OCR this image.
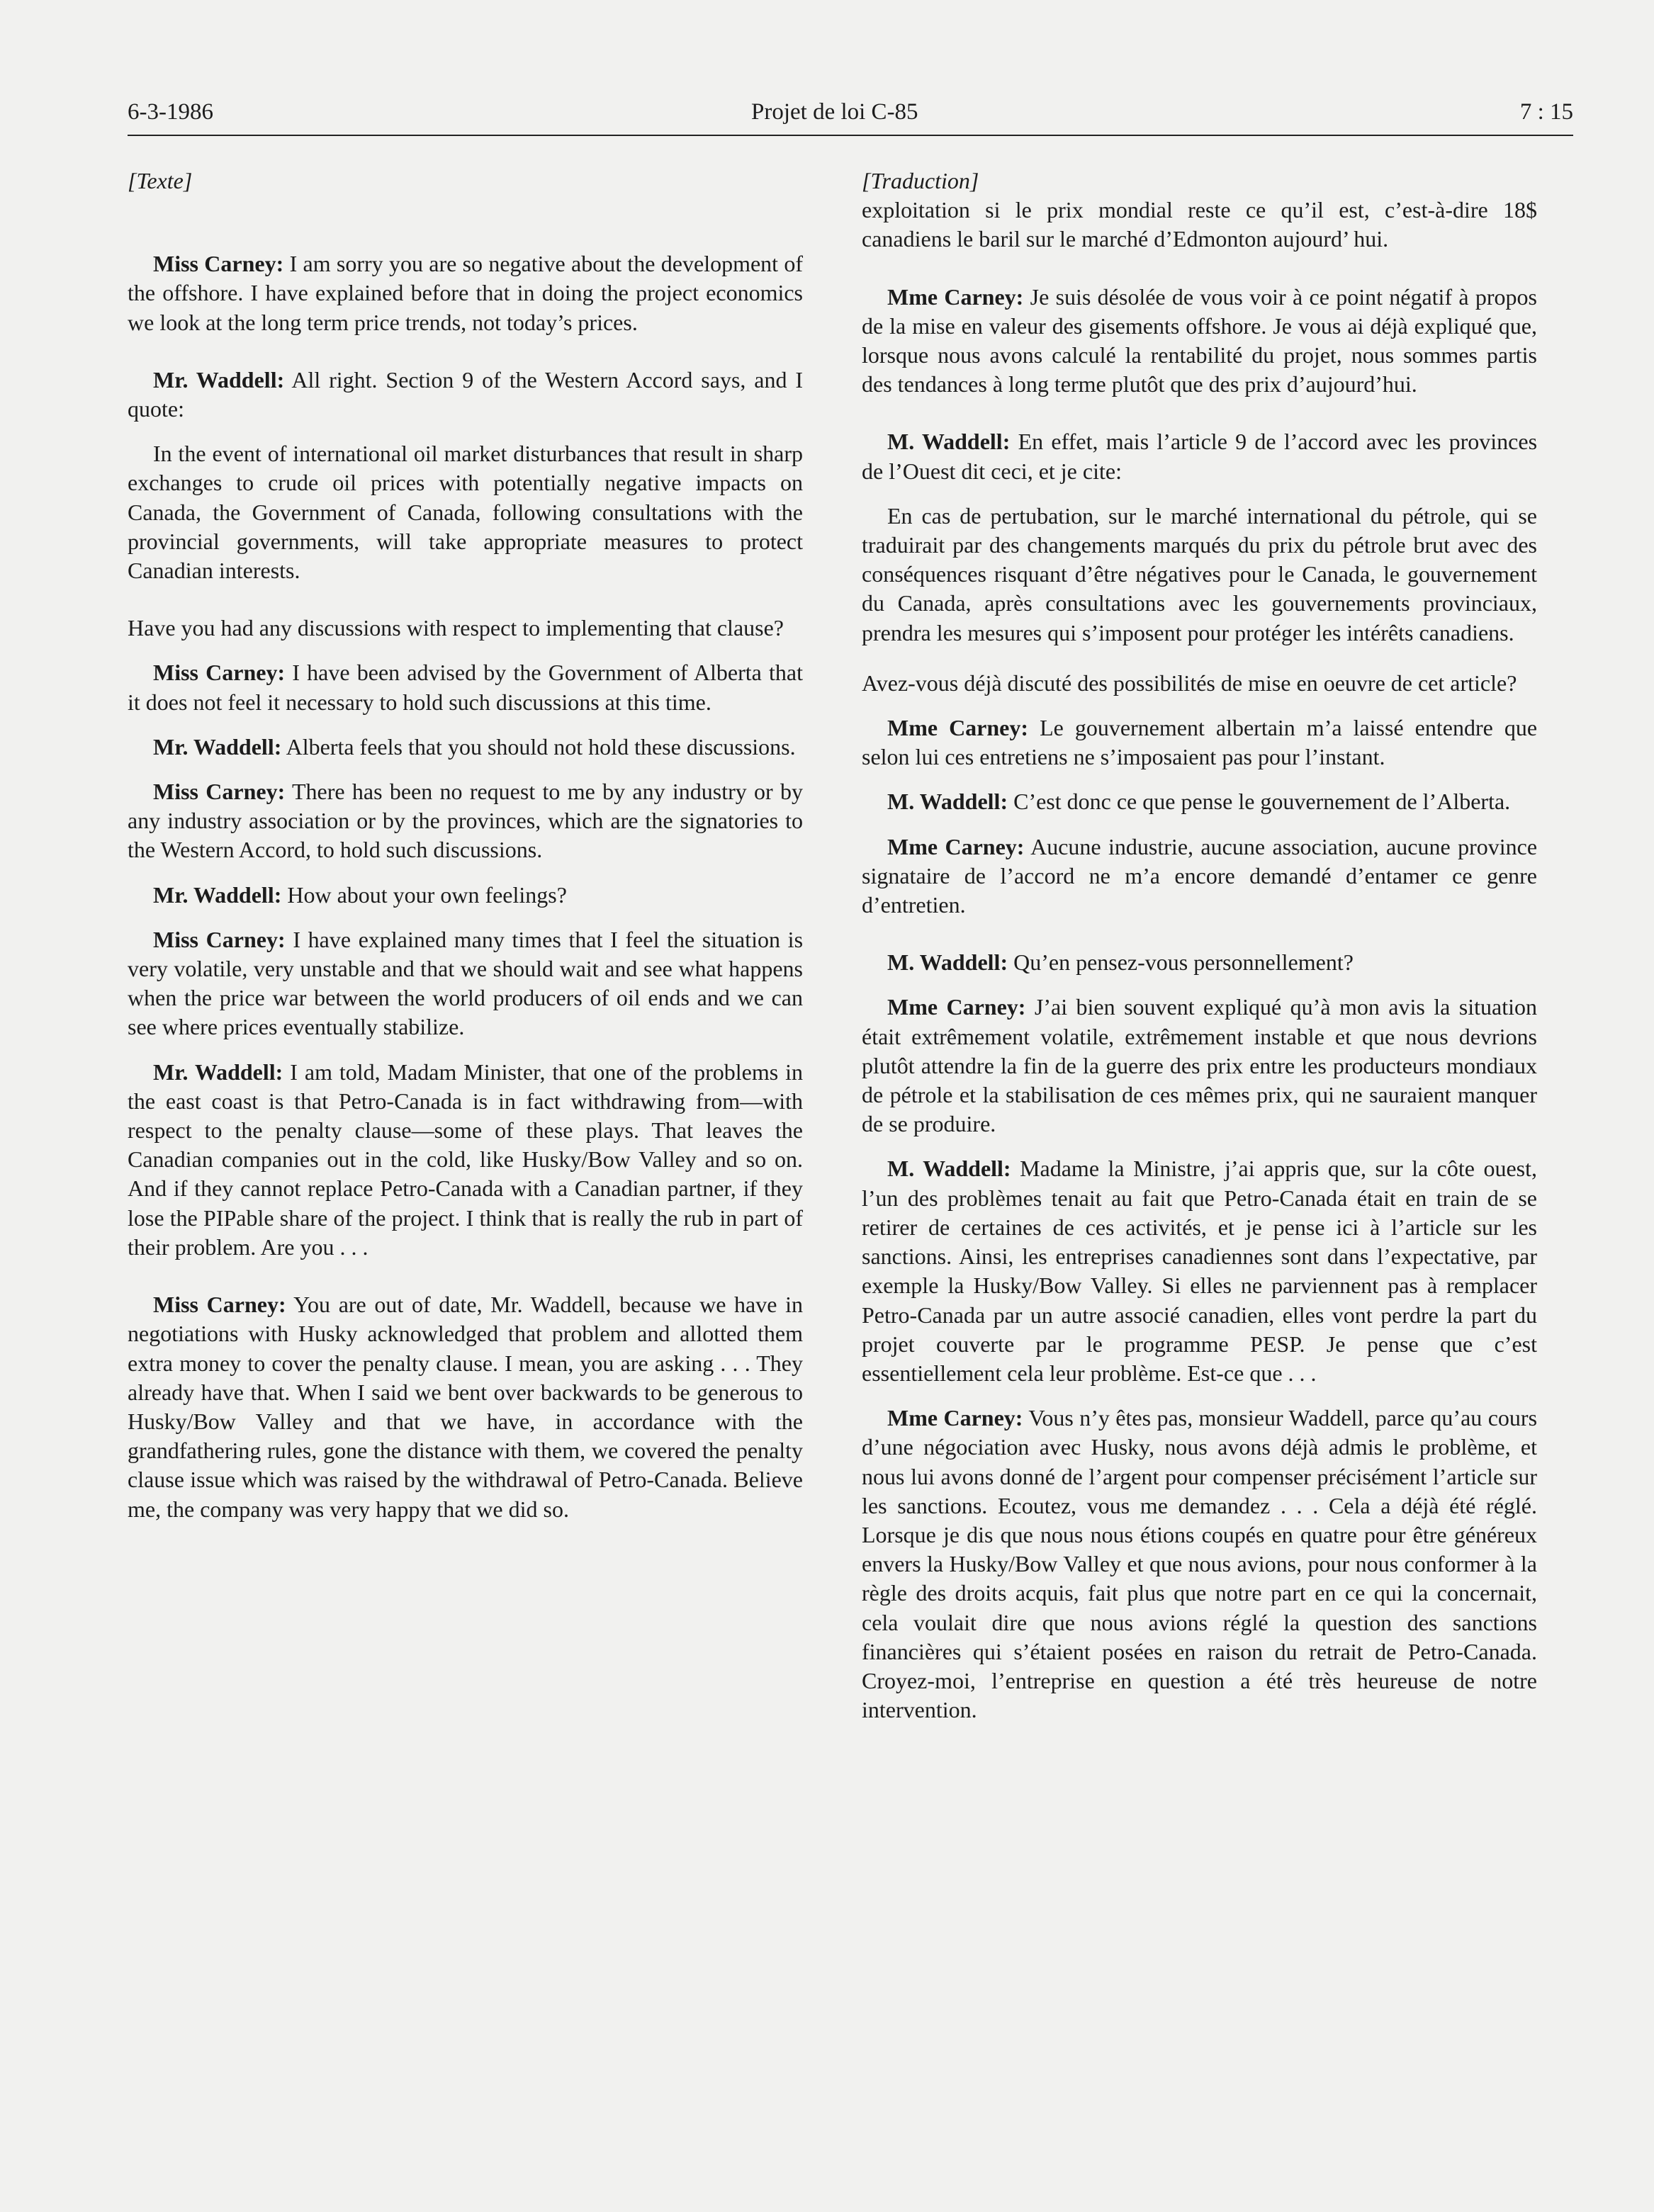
6-3-1986	Projet de loi C-85	7 : 15
[Texte]

Miss Carney: I am sorry you are so negative about the development of the offshore. I have explained before that in doing the project economics we look at the long term price trends, not today’s prices.

Mr. Waddell: All right. Section 9 of the Western Accord says, and I quote:

In the event of international oil market disturbances that result in sharp exchanges to crude oil prices with potentially negative impacts on Canada, the Government of Canada, following consultations with the provincial governments, will take appropriate measures to protect Canadian interests.

Have you had any discussions with respect to implementing that clause?

Miss Carney: I have been advised by the Government of Alberta that it does not feel it necessary to hold such discussions at this time.

Mr. Waddell: Alberta feels that you should not hold these discussions.

Miss Carney: There has been no request to me by any industry or by any industry association or by the provinces, which are the signatories to the Western Accord, to hold such discussions.

Mr. Waddell: How about your own feelings?

Miss Carney: I have explained many times that I feel the situation is very volatile, very unstable and that we should wait and see what happens when the price war between the world producers of oil ends and we can see where prices eventually stabilize.

Mr. Waddell: I am told, Madam Minister, that one of the problems in the east coast is that Petro-Canada is in fact withdrawing from—with respect to the penalty clause—some of these plays. That leaves the Canadian companies out in the cold, like Husky/Bow Valley and so on. And if they cannot replace Petro-Canada with a Canadian partner, if they lose the PIPable share of the project. I think that is really the rub in part of their problem. Are you . . .

Miss Carney: You are out of date, Mr. Waddell, because we have in negotiations with Husky acknowledged that problem and allotted them extra money to cover the penalty clause. I mean, you are asking . . . They already have that. When I said we bent over backwards to be generous to Husky/Bow Valley and that we have, in accordance with the grandfathering rules, gone the distance with them, we covered the penalty clause issue which was raised by the withdrawal of Petro-Canada. Believe me, the company was very happy that we did so.

[Traduction]

exploitation si le prix mondial reste ce qu’il est, c’est-à-dire 18$ canadiens le baril sur le marché d’Edmonton aujourd’ hui.

Mme Carney: Je suis désolée de vous voir à ce point négatif à propos de la mise en valeur des gisements offshore. Je vous ai déjà expliqué que, lorsque nous avons calculé la rentabilité du projet, nous sommes partis des tendances à long terme plutôt que des prix d’aujourd’hui.

M. Waddell: En effet, mais l’article 9 de l’accord avec les provinces de l’Ouest dit ceci, et je cite:

En cas de pertubation, sur le marché international du pétrole, qui se traduirait par des changements marqués du prix du pétrole brut avec des conséquences risquant d’être négatives pour le Canada, le gouvernement du Canada, après consultations avec les gouvernements provinciaux, prendra les mesures qui s’imposent pour protéger les intérêts canadiens.

Avez-vous déjà discuté des possibilités de mise en oeuvre de cet article?

Mme Carney: Le gouvernement albertain m’a laissé entendre que selon lui ces entretiens ne s’imposaient pas pour l’instant.

M. Waddell: C’est donc ce que pense le gouvernement de l’Alberta.

Mme Carney: Aucune industrie, aucune association, aucune province signataire de l’accord ne m’a encore demandé d’entamer ce genre d’entretien.

M. Waddell: Qu’en pensez-vous personnellement?

Mme Carney: J’ai bien souvent expliqué qu’à mon avis la situation était extrêmement volatile, extrêmement instable et que nous devrions plutôt attendre la fin de la guerre des prix entre les producteurs mondiaux de pétrole et la stabilisation de ces mêmes prix, qui ne sauraient manquer de se produire.

M. Waddell: Madame la Ministre, j’ai appris que, sur la côte ouest, l’un des problèmes tenait au fait que Petro-Canada était en train de se retirer de certaines de ces activités, et je pense ici à l’article sur les sanctions. Ainsi, les entreprises canadiennes sont dans l’expectative, par exemple la Husky/Bow Valley. Si elles ne parviennent pas à remplacer Petro-Canada par un autre associé canadien, elles vont perdre la part du projet couverte par le programme PESP. Je pense que c’est essentiellement cela leur problème. Est-ce que . . .

Mme Carney: Vous n’y êtes pas, monsieur Waddell, parce qu’au cours d’une négociation avec Husky, nous avons déjà admis le problème, et nous lui avons donné de l’argent pour compenser précisément l’article sur les sanctions. Ecoutez, vous me demandez . . . Cela a déjà été réglé. Lorsque je dis que nous nous étions coupés en quatre pour être généreux envers la Husky/Bow Valley et que nous avions, pour nous conformer à la règle des droits acquis, fait plus que notre part en ce qui la concernait, cela voulait dire que nous avions réglé la question des sanctions financières qui s’étaient posées en raison du retrait de Petro-Canada. Croyez-moi, l’entreprise en question a été très heureuse de notre intervention.
